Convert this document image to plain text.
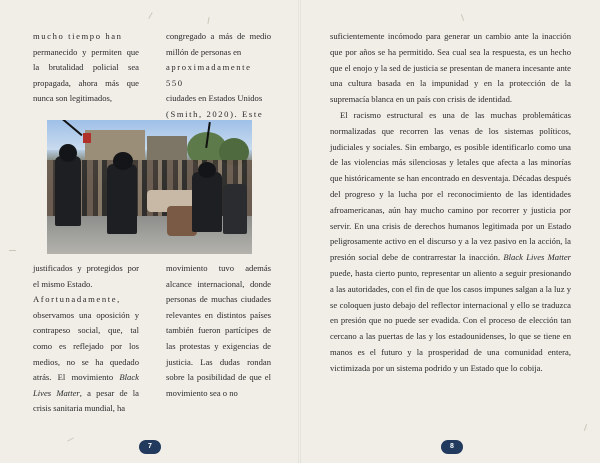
mucho tiempo han

permanecido y permiten que la brutalidad policial sea propagada, ahora más que nunca son legitimados,

congregado a más de medio millón de personas en

aproximadamente 550

ciudades en Estados Unidos

(Smith, 2020). Este

justificados y protegidos por el mismo Estado.

Afortunadamente,

observamos una oposición y contrapeso social, que, tal como es reflejado por los medios, no se ha quedado atrás. El movimiento Black Lives Matter, a pesar de la crisis sanitaria mundial, ha

movimiento tuvo además alcance internacional, donde personas de muchas ciudades relevantes en distintos países también fueron partícipes de las protestas y exigencias de justicia. Las dudas rondan sobre la posibilidad de que el movimiento sea o no

7

suficientemente incómodo para generar un cambio ante la inacción que por años se ha permitido. Sea cual sea la respuesta, es un hecho que el enojo y la sed de justicia se presentan de manera incesante ante una cultura basada en la impunidad y en la protección de la supremacía blanca en un país con crisis de identidad.

El racismo estructural es una de las muchas problemáticas normalizadas que recorren las venas de los sistemas políticos, judiciales y sociales. Sin embargo, es posible identificarlo como una de las violencias más silenciosas y letales que afecta a las minorías que históricamente se han encontrado en desventaja. Décadas después del progreso y la lucha por el reconocimiento de las identidades afroamericanas, aún hay mucho camino por recorrer y justicia por servir. En una crisis de derechos humanos legitimada por un Estado peligrosamente activo en el discurso y a la vez pasivo en la acción, la presión social debe de contrarrestar la inacción. Black Lives Matter puede, hasta cierto punto, representar un aliento a seguir presionando a las autoridades, con el fin de que los casos impunes salgan a la luz y se coloquen justo debajo del reflector internacional y ello se traduzca en presión que no puede ser evadida. Con el proceso de elección tan cercano a las puertas de las y los estadounidenses, lo que se tiene en manos es el futuro y la prosperidad de una comunidad entera, victimizada por un sistema podrido y un Estado que lo cobija.

8
